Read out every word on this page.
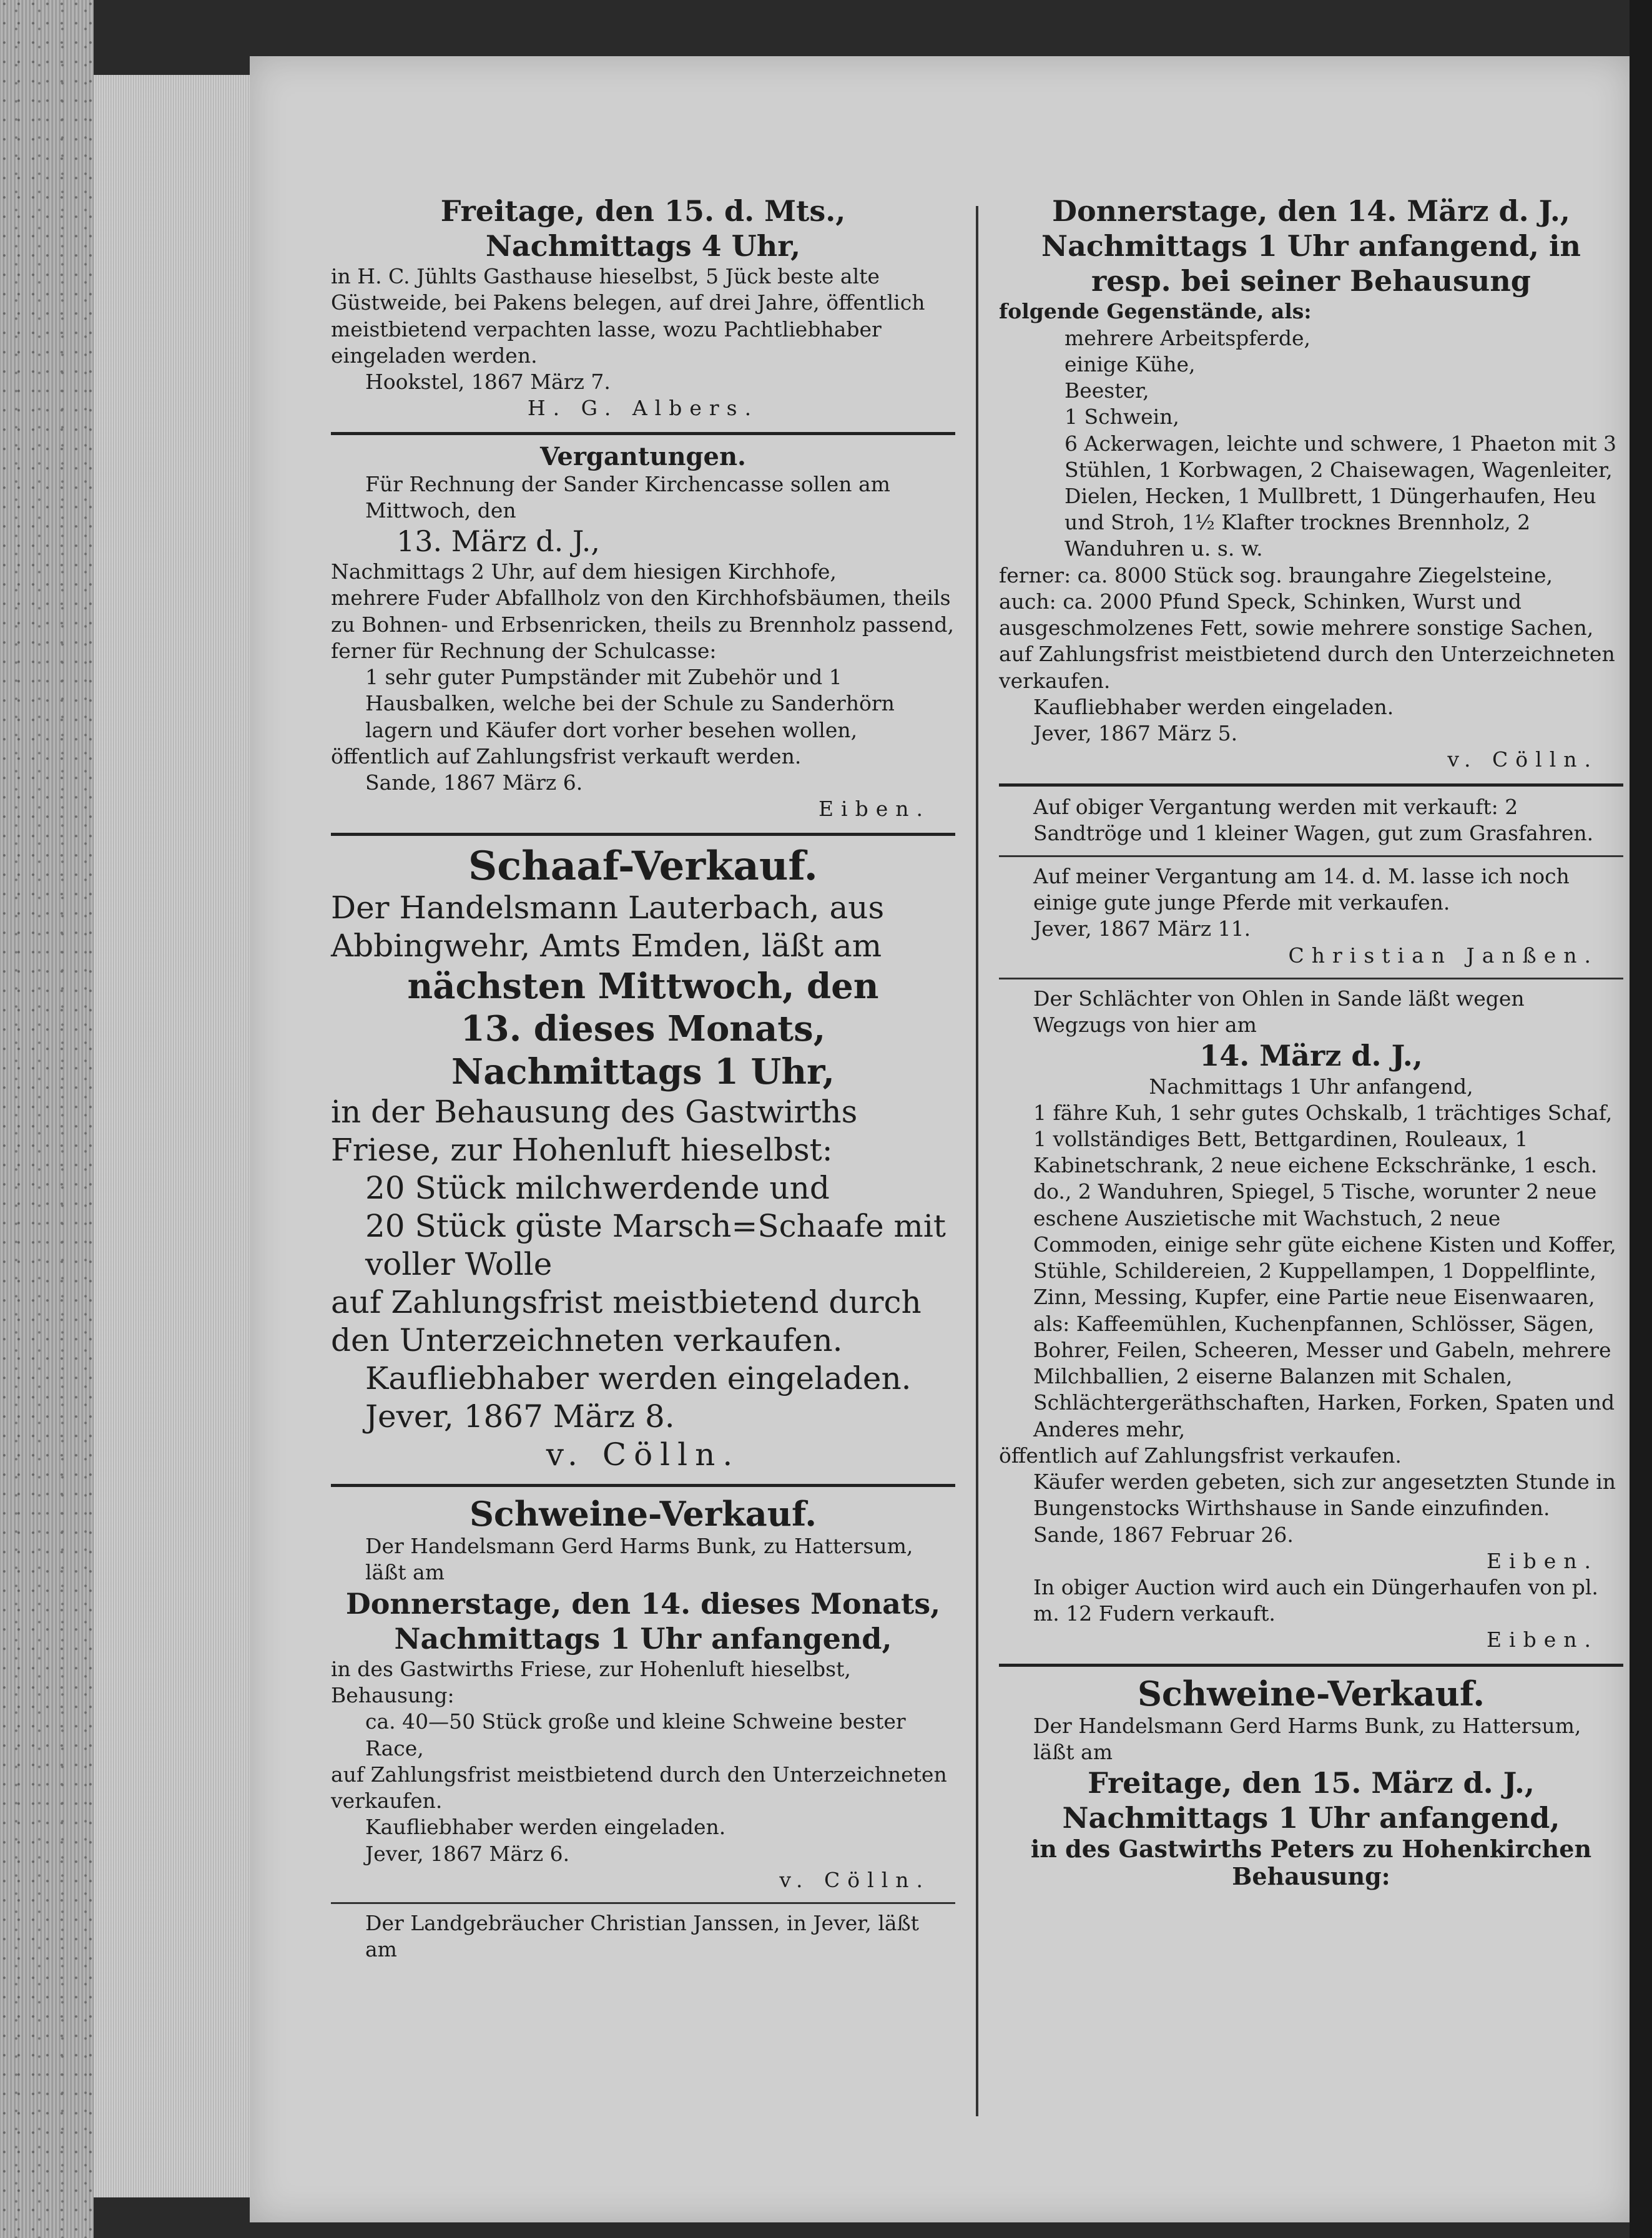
Freitage, den 15. d. Mts.,
Nachmittags 4 Uhr,
in H. C. Jühlts Gasthause hieselbst, 5 Jück beste alte Güstweide, bei Pakens belegen, auf drei Jahre, öffentlich meistbietend verpachten lasse, wozu Pachtliebhaber eingeladen werden.
Hookstel, 1867 März 7.
H. G. Albers.
Vergantungen.
Für Rechnung der Sander Kirchencasse sollen am Mittwoch, den
13. März d. J.,
Nachmittags 2 Uhr, auf dem hiesigen Kirchhofe,
mehrere Fuder Abfallholz von den Kirchhofsbäumen, theils zu Bohnen- und Erbsenricken, theils zu Brennholz passend,
ferner für Rechnung der Schulcasse:
1 sehr guter Pumpständer mit Zubehör und 1 Hausbalken, welche bei der Schule zu Sanderhörn lagern und Käufer dort vorher besehen wollen,
öffentlich auf Zahlungsfrist verkauft werden.
Sande, 1867 März 6.
Eiben.
Schaaf-Verkauf.
Der Handelsmann Lauterbach, aus Abbingwehr, Amts Emden, läßt am
nächsten Mittwoch, den
13. dieses Monats,
Nachmittags 1 Uhr,
in der Behausung des Gastwirths Friese, zur Hohenluft hieselbst:
20 Stück milchwerdende und
20 Stück güste Marsch=Schaafe mit voller Wolle
auf Zahlungsfrist meistbietend durch den Unterzeichneten verkaufen.
Kaufliebhaber werden eingeladen.
Jever, 1867 März 8.
v. Cölln.
Schweine-Verkauf.
Der Handelsmann Gerd Harms Bunk, zu Hattersum, läßt am
Donnerstage, den 14. dieses Monats,
Nachmittags 1 Uhr anfangend,
in des Gastwirths Friese, zur Hohenluft hieselbst, Behausung:
ca. 40—50 Stück große und kleine Schweine bester Race,
auf Zahlungsfrist meistbietend durch den Unterzeichneten verkaufen.
Kaufliebhaber werden eingeladen.
Jever, 1867 März 6.
v. Cölln.
Der Landgebräucher Christian Janssen, in Jever, läßt am
Donnerstage, den 14. März d. J.,
Nachmittags 1 Uhr anfangend, in resp. bei seiner Behausung
folgende Gegenstände, als:
mehrere Arbeitspferde,
einige Kühe,
Beester,
1 Schwein,
6 Ackerwagen, leichte und schwere, 1 Phaeton mit 3 Stühlen, 1 Korbwagen, 2 Chaisewagen, Wagenleiter, Dielen, Hecken, 1 Mullbrett, 1 Düngerhaufen, Heu und Stroh, 1½ Klafter trocknes Brennholz, 2 Wanduhren u. s. w.
ferner: ca. 8000 Stück sog. braungahre Ziegelsteine,
auch: ca. 2000 Pfund Speck, Schinken, Wurst und ausgeschmolzenes Fett, sowie mehrere sonstige Sachen,
auf Zahlungsfrist meistbietend durch den Unterzeichneten verkaufen.
Kaufliebhaber werden eingeladen.
Jever, 1867 März 5.
v. Cölln.
Auf obiger Vergantung werden mit verkauft: 2 Sandtröge und 1 kleiner Wagen, gut zum Grasfahren.
Auf meiner Vergantung am 14. d. M. lasse ich noch einige gute junge Pferde mit verkaufen.
Jever, 1867 März 11.
Christian Janßen.
Der Schlächter von Ohlen in Sande läßt wegen Wegzugs von hier am
14. März d. J.,
Nachmittags 1 Uhr anfangend,
1 fähre Kuh, 1 sehr gutes Ochskalb, 1 trächtiges Schaf, 1 vollständiges Bett, Bettgardinen, Rouleaux, 1 Kabinetschrank, 2 neue eichene Eckschränke, 1 esch. do., 2 Wanduhren, Spiegel, 5 Tische, worunter 2 neue eschene Auszietische mit Wachstuch, 2 neue Commoden, einige sehr güte eichene Kisten und Koffer, Stühle, Schildereien, 2 Kuppellampen, 1 Doppelflinte, Zinn, Messing, Kupfer, eine Partie neue Eisenwaaren, als: Kaffeemühlen, Kuchenpfannen, Schlösser, Sägen, Bohrer, Feilen, Scheeren, Messer und Gabeln, mehrere Milchballien, 2 eiserne Balanzen mit Schalen, Schlächtergeräthschaften, Harken, Forken, Spaten und Anderes mehr,
öffentlich auf Zahlungsfrist verkaufen.
Käufer werden gebeten, sich zur angesetzten Stunde in Bungenstocks Wirthshause in Sande einzufinden.
Sande, 1867 Februar 26.
Eiben.
In obiger Auction wird auch ein Düngerhaufen von pl. m. 12 Fudern verkauft.
Eiben.
Schweine-Verkauf.
Der Handelsmann Gerd Harms Bunk, zu Hattersum, läßt am
Freitage, den 15. März d. J.,
Nachmittags 1 Uhr anfangend,
in des Gastwirths Peters zu Hohenkirchen Behausung:
